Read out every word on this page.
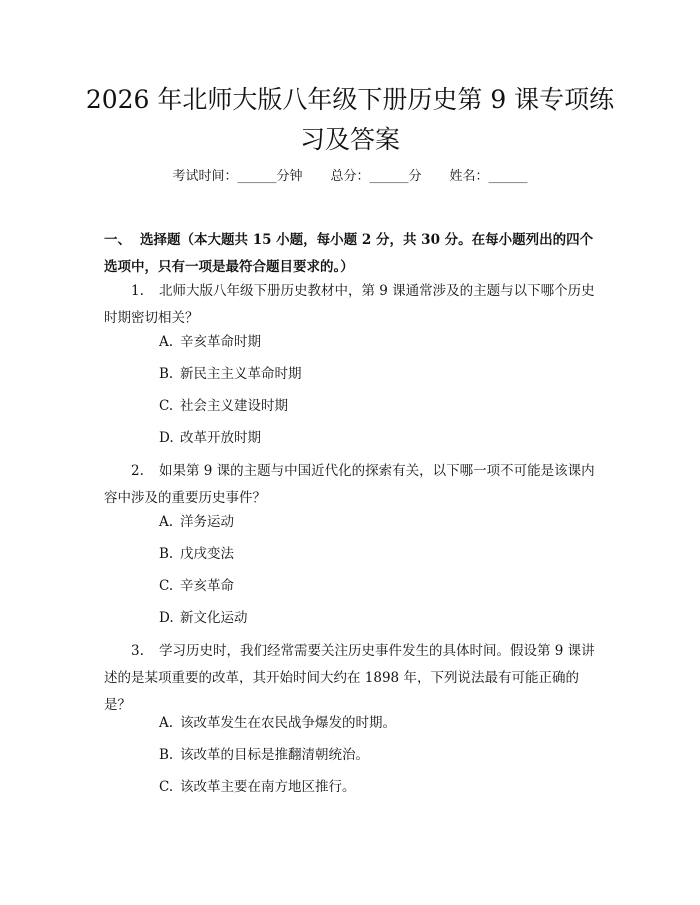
2026 年北师大版八年级下册历史第 9 课专项练习及答案
考试时间：______分钟 总分：______分 姓名：______
一、 选择题（本大题共 15 小题，每小题 2 分，共 30 分。在每小题列出的四个选项中，只有一项是最符合题目要求的。）
1. 北师大版八年级下册历史教材中，第 9 课通常涉及的主题与以下哪个历史时期密切相关？
A. 辛亥革命时期
B. 新民主主义革命时期
C. 社会主义建设时期
D. 改革开放时期
2. 如果第 9 课的主题与中国近代化的探索有关，以下哪一项不可能是该课内容中涉及的重要历史事件？
A. 洋务运动
B. 戊戌变法
C. 辛亥革命
D. 新文化运动
3. 学习历史时，我们经常需要关注历史事件发生的具体时间。假设第 9 课讲述的是某项重要的改革，其开始时间大约在 1898 年，下列说法最有可能正确的是？
A. 该改革发生在农民战争爆发的时期。
B. 该改革的目标是推翻清朝统治。
C. 该改革主要在南方地区推行。
